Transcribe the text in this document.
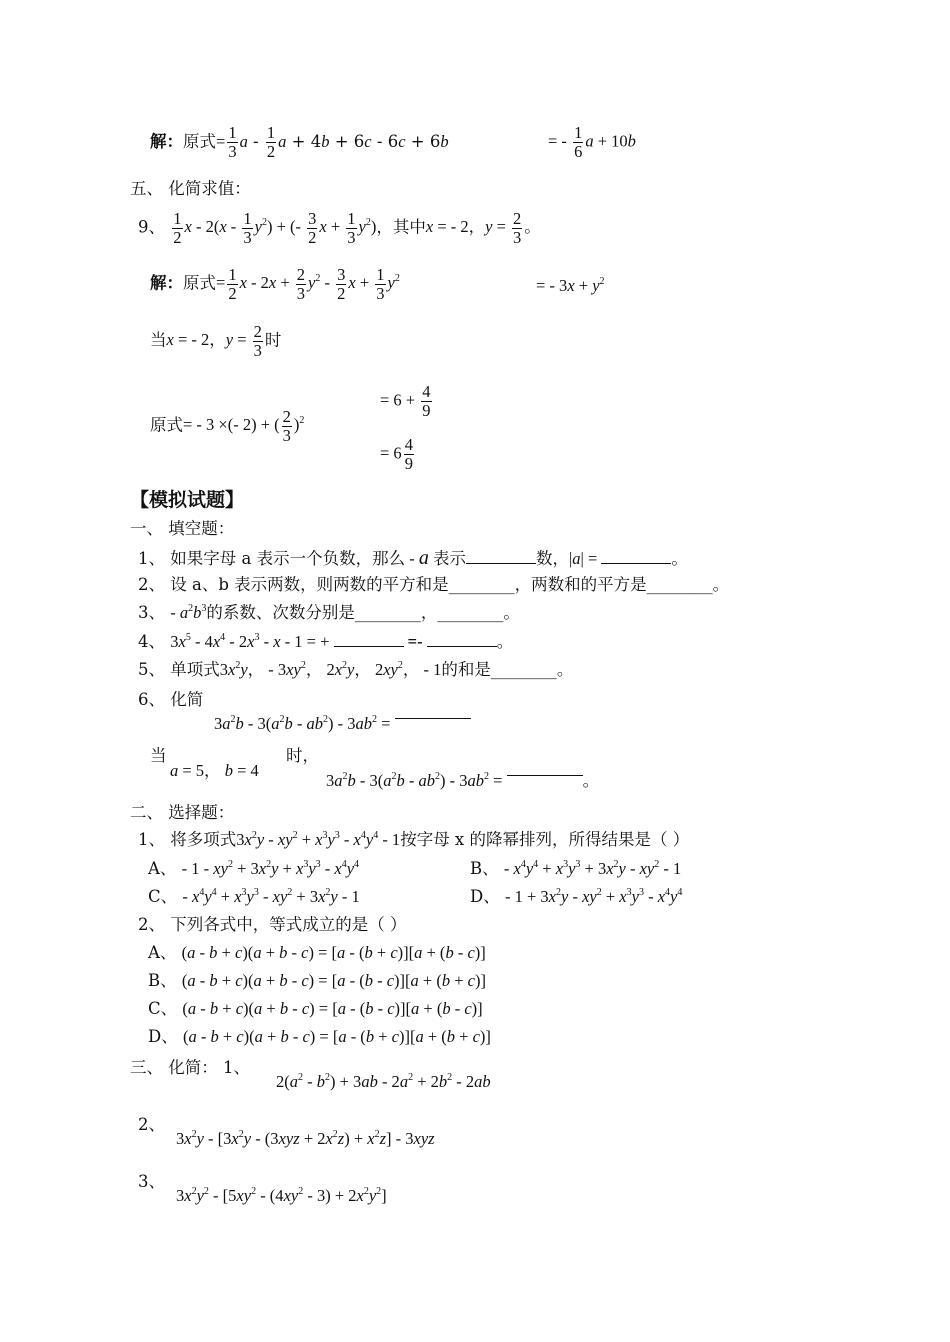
解：原式= $\frac{1}{3}$ a - $\frac{1}{2}$ a + 4b + 6c - 6c + 6b	= - $\frac{1}{6}$ a + 10b
五、 化简求值：
9、 $\frac{1}{2}$ x - $2(x - \frac{1}{3} y^2)$ + (- $\frac{3}{2}$ $x + \frac{1}{3} y^2$)，其中x = - 2，$y = \frac{2}{3}$ 。
解：原式= $\frac{1}{2}$ $x - 2x + \frac{2}{3} y^2 - \frac{3}{2}$ $x + \frac{1}{3} y^2$	= - $3x + y^2$
当x = - 2，$y = \frac{2}{3}$ 时
原式= - 3 ×(- 2) + ( $\frac{2}{3} )^2$
= $6 + \frac{4}{9}$
= $6 \frac{4}{9}$
【模拟试题】
一、 填空题：
1、 如果字母 a 表示一个负数，那么 - a 表示	数，|a| =	。
2、 设 a、b 表示两数，则两数的平方和是________，两数和的平方是________。
3、 - $a^2b^3$的系数、次数分别是________，________。
4、 $3x^5 - 4x^4 - 2x^3$ - x - 1 = +	=-	。
5、 单项式$3x^2y$， - $3xy^2$， $2x^2y$， $2xy^2$， - 1的和是________。
6、 化简
$3a^2b - 3(a^2b - ab^2) - 3ab^2$ =
当
a = 5， b = 4
时，
$3a^2b - 3(a^2b - ab^2) - 3ab^2$ =	。
二、 选择题：
1、 将多项式$3x^2y - xy^2 + x^3y^3 - x^4y^4 - 1$按字母 x 的降幂排列，所得结果是（ ）
A、 - $1 - xy^2 + 3x^2y + x^3y^3 - x^4y^4$	B、 - $x^4y^4 + x^3y^3 + 3x^2y - xy^2 - 1$
C、 - $x^4y^4 + x^3y^3 - xy^2 + 3x^2y - 1$	D、 - $1 + 3x^2y - xy^2 + x^3y^3 - x^4y^4$
2、 下列各式中，等式成立的是（ ）
A、 (a - b + c)(a + b - c) = [a - (b + c)][a + (b - c)]
B、 (a - b + c)(a + b - c) = [a - (b - c)][a + (b + c)]
C、 (a - b + c)(a + b - c) = [a - (b - c)][a + (b - c)]
D、 (a - b + c)(a + b - c) = [a - (b + c)][a + (b + c)]
三、 化简： 1、
$2(a^2 - b^2) + 3ab - 2a^2 + 2b^2 - 2ab$
2、
$3x^2y - [3x^2y - (3xyz + 2x^2z) + x^2z] - 3xyz$
3、
$3x^2y^2 - [5xy^2 - (4xy^2 - 3) + 2x^2y^2]$
